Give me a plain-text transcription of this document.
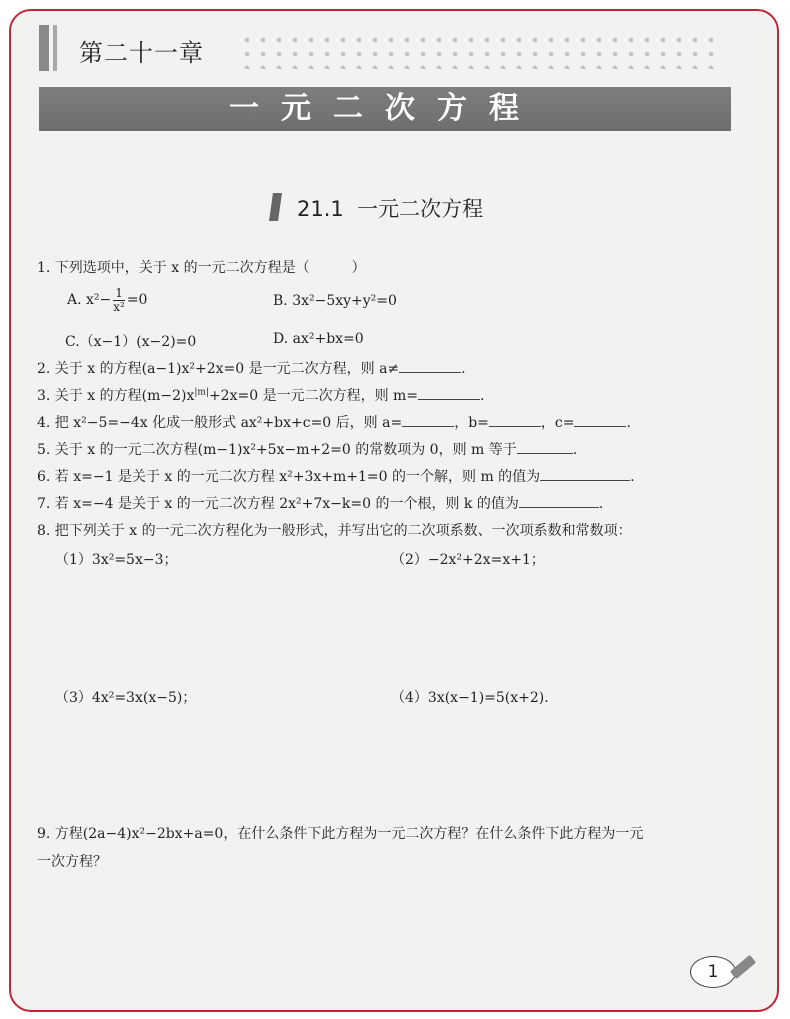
第二十一章
一元二次方程
21.1 一元二次方程
1. 下列选项中，关于 x 的一元二次方程是（　　　）
A. $x^2- \frac{1}{\text{x²}} =0$	B. 3x²−5xy+y²=0
C.（x−1）(x−2)=0	D. ax²+bx=0
2. 关于 x 的方程(a−1)x²+2x=0 是一元二次方程，则 a≠	.
3. 关于 x 的方程$(m-2)x^{|m|}+2x=0$ 是一元二次方程，则 m=	.
4. 把 x²−5=−4x 化成一般形式 ax²+bx+c=0 后，则 a=	，b=	，c=	.
5. 关于 x 的一元二次方程(m−1)x²+5x−m+2=0 的常数项为 0，则 m 等于	.
6. 若 x=−1 是关于 x 的一元二次方程 x²+3x+m+1=0 的一个解，则 m 的值为	.
7. 若 x=−4 是关于 x 的一元二次方程 2x²+7x−k=0 的一个根，则 k 的值为	.
8. 把下列关于 x 的一元二次方程化为一般形式，并写出它的二次项系数、一次项系数和常数项：
（1）3x²=5x−3；	（2）−2x²+2x=x+1；
（3）4x²=3x(x−5)；	（4）3x(x−1)=5(x+2).
9. 方程(2a−4)x²−2bx+a=0，在什么条件下此方程为一元二次方程？在什么条件下此方程为一元
一次方程？
1
